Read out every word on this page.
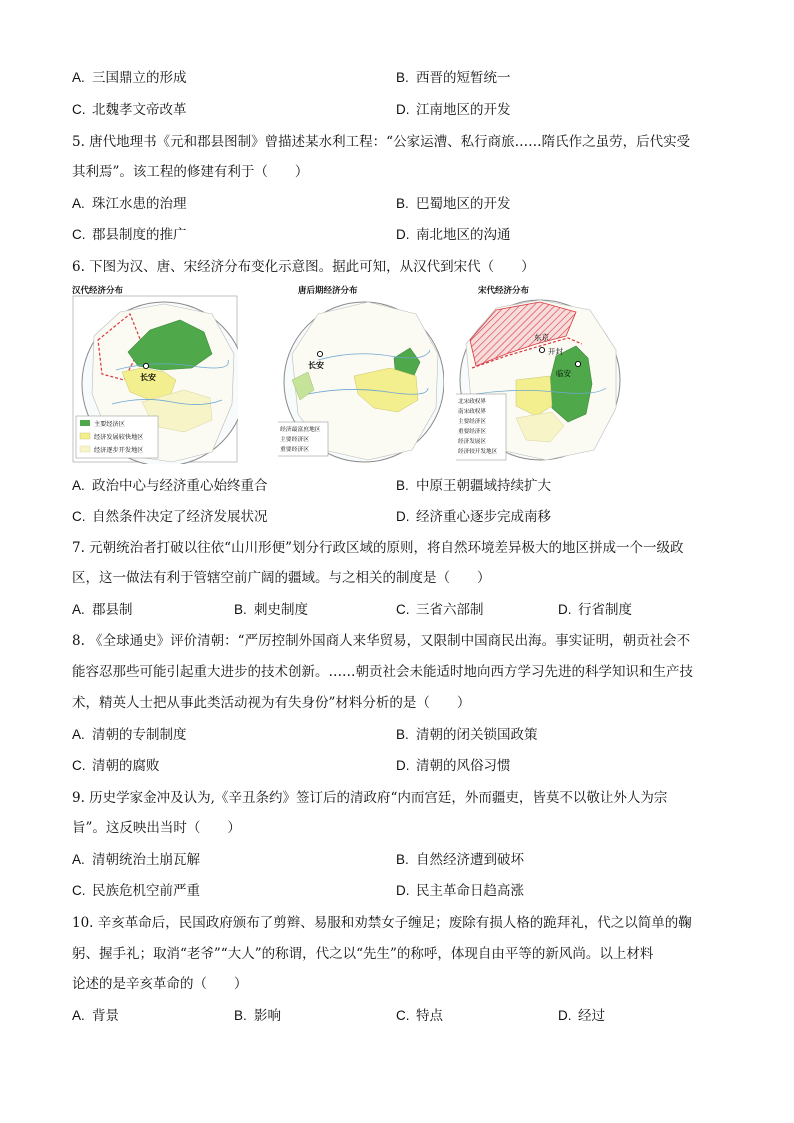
A. 三国鼎立的形成	B. 西晋的短暂统一
C. 北魏孝文帝改革	D. 江南地区的开发
5. 唐代地理书《元和郡县图制》曾描述某水利工程：“公家运漕、私行商旅……隋氏作之虽劳，后代实受
其利焉”。该工程的修建有利于（　　）
A. 珠江水患的治理	B. 巴蜀地区的开发
C. 郡县制度的推广	D. 南北地区的沟通
6. 下图为汉、唐、宋经济分布变化示意图。据此可知，从汉代到宋代（　　）
汉代经济分布
长安
主要经济区
经济发展较快地区
经济逐步开发地区
唐后期经济分布
长安
经济最富庶地区
主要经济区
重要经济区
宋代经济分布
东京
开封
临安
北宋政权界
南宋政权界
主要经济区
重要经济区
经济发展区
经济较开发地区
A. 政治中心与经济重心始终重合	B. 中原王朝疆域持续扩大
C. 自然条件决定了经济发展状况	D. 经济重心逐步完成南移
7. 元朝统治者打破以往依“山川形便”划分行政区域的原则，将自然环境差异极大的地区拼成一个一级政
区，这一做法有利于管辖空前广阔的疆域。与之相关的制度是（　　）
A. 郡县制	B. 刺史制度	C. 三省六部制	D. 行省制度
8. 《全球通史》评价清朝：“严厉控制外国商人来华贸易，又限制中国商民出海。事实证明，朝贡社会不
能容忍那些可能引起重大进步的技术创新。……朝贡社会未能适时地向西方学习先进的科学知识和生产技
术，精英人士把从事此类活动视为有失身份”材料分析的是（　　）
A. 清朝的专制制度	B. 清朝的闭关锁国政策
C. 清朝的腐败	D. 清朝的风俗习惯
9. 历史学家金冲及认为,《辛丑条约》签订后的清政府“内而宫廷，外而疆吏，皆莫不以敬让外人为宗
旨”。这反映出当时（　　）
A. 清朝统治土崩瓦解	B. 自然经济遭到破坏
C. 民族危机空前严重	D. 民主革命日趋高涨
10. 辛亥革命后，民国政府颁布了剪辫、易服和劝禁女子缠足；废除有损人格的跪拜礼，代之以简单的鞠
躬、握手礼；取消“老爷”“大人”的称谓，代之以“先生”的称呼，体现自由平等的新风尚。以上材料
论述的是辛亥革命的（　　）
A. 背景	B. 影响	C. 特点	D. 经过
